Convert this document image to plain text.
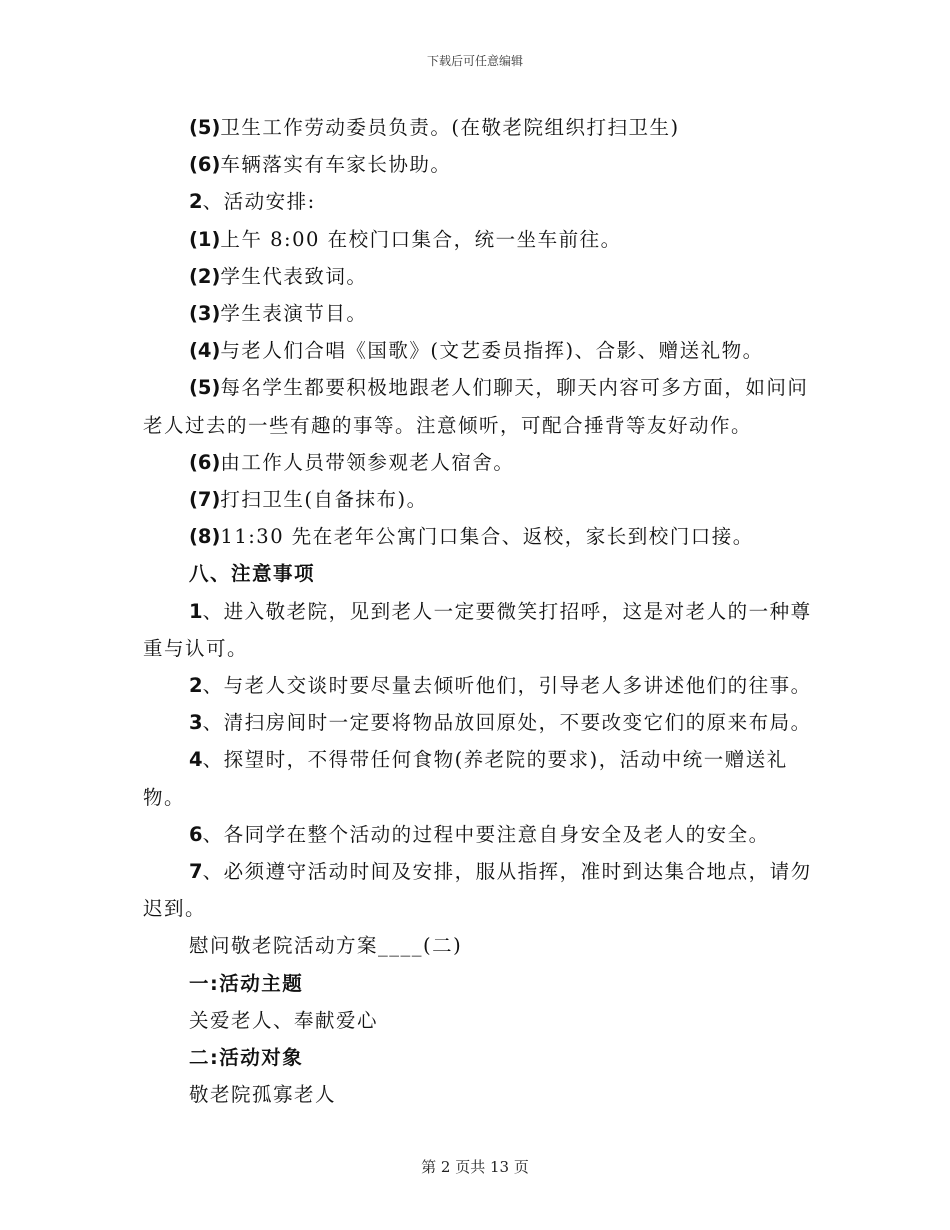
下载后可任意编辑

(5)卫生工作劳动委员负责。(在敬老院组织打扫卫生)

(6)车辆落实有车家长协助。

2、活动安排:

(1)上午 8:00 在校门口集合，统一坐车前往。

(2)学生代表致词。

(3)学生表演节目。

(4)与老人们合唱《国歌》(文艺委员指挥)、合影、赠送礼物。

(5)每名学生都要积极地跟老人们聊天，聊天内容可多方面，如问问老人过去的一些有趣的事等。注意倾听，可配合捶背等友好动作。

(6)由工作人员带领参观老人宿舍。

(7)打扫卫生(自备抹布)。

(8)11:30 先在老年公寓门口集合、返校，家长到校门口接。

八、注意事项

1、进入敬老院，见到老人一定要微笑打招呼，这是对老人的一种尊重与认可。

2、与老人交谈时要尽量去倾听他们，引导老人多讲述他们的往事。

3、清扫房间时一定要将物品放回原处，不要改变它们的原来布局。

4、探望时，不得带任何食物(养老院的要求)，活动中统一赠送礼物。

6、各同学在整个活动的过程中要注意自身安全及老人的安全。

7、必须遵守活动时间及安排，服从指挥，准时到达集合地点，请勿迟到。

慰问敬老院活动方案____(二)

一:活动主题

关爱老人、奉献爱心

二:活动对象

敬老院孤寡老人

第 2 页共 13 页
